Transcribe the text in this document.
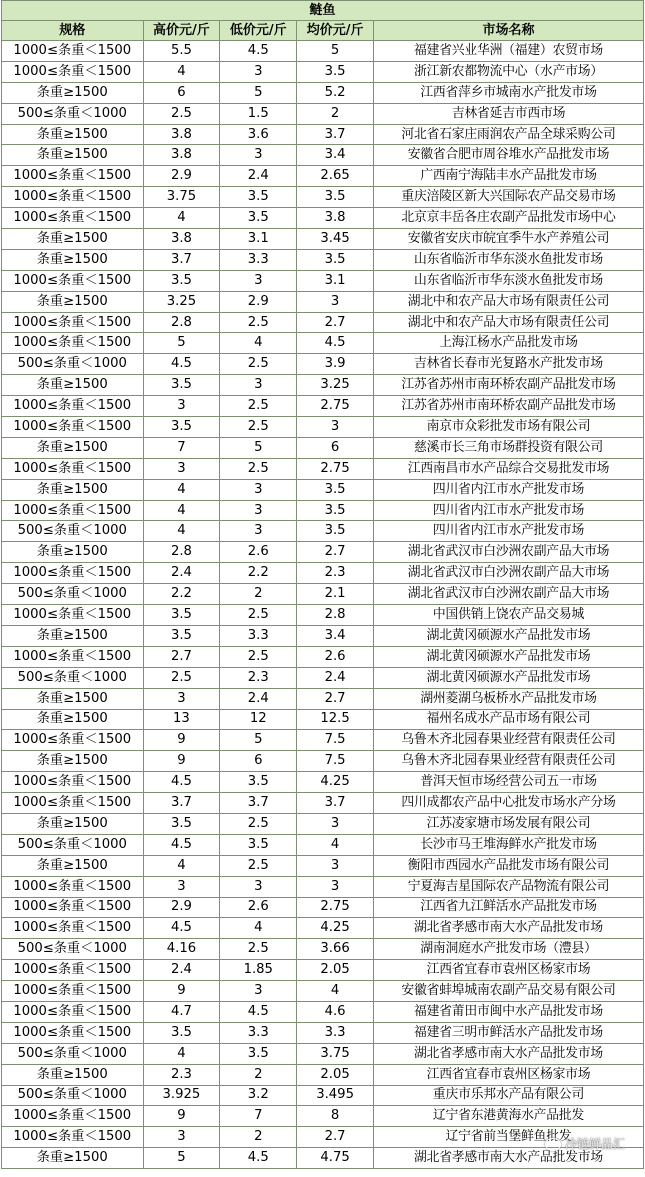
鲢鱼				
规格	高价元/斤	低价元/斤	均价元/斤	市场名称
1000≤条重＜1500	5.5	4.5	5	福建省兴业华洲（福建）农贸市场
1000≤条重＜1500	4	3	3.5	浙江新农都物流中心（水产市场）
条重≥1500	6	5	5.2	江西省萍乡市城南水产批发市场
500≤条重＜1000	2.5	1.5	2	吉林省延吉市西市场
条重≥1500	3.8	3.6	3.7	河北省石家庄雨润农产品全球采购公司
条重≥1500	3.8	3	3.4	安徽省合肥市周谷堆水产品批发市场
1000≤条重＜1500	2.9	2.4	2.65	广西南宁海陆丰水产品批发市场
1000≤条重＜1500	3.75	3.5	3.5	重庆涪陵区新大兴国际农产品交易市场
1000≤条重＜1500	4	3.5	3.8	北京京丰岳各庄农副产品批发市场中心
条重≥1500	3.8	3.1	3.45	安徽省安庆市皖宜季牛水产养殖公司
条重≥1500	3.7	3.3	3.5	山东省临沂市华东淡水鱼批发市场
1000≤条重＜1500	3.5	3	3.1	山东省临沂市华东淡水鱼批发市场
条重≥1500	3.25	2.9	3	湖北中和农产品大市场有限责任公司
1000≤条重＜1500	2.8	2.5	2.7	湖北中和农产品大市场有限责任公司
1000≤条重＜1500	5	4	4.5	上海江杨水产品批发市场
500≤条重＜1000	4.5	2.5	3.9	吉林省长春市光复路水产批发市场
条重≥1500	3.5	3	3.25	江苏省苏州市南环桥农副产品批发市场
1000≤条重＜1500	3	2.5	2.75	江苏省苏州市南环桥农副产品批发市场
1000≤条重＜1500	3.5	2.5	3	南京市众彩批发市场有限公司
条重≥1500	7	5	6	慈溪市长三角市场群投资有限公司
1000≤条重＜1500	3	2.5	2.75	江西南昌市水产品综合交易批发市场
条重≥1500	4	3	3.5	四川省内江市水产批发市场
1000≤条重＜1500	4	3	3.5	四川省内江市水产批发市场
500≤条重＜1000	4	3	3.5	四川省内江市水产批发市场
条重≥1500	2.8	2.6	2.7	湖北省武汉市白沙洲农副产品大市场
1000≤条重＜1500	2.4	2.2	2.3	湖北省武汉市白沙洲农副产品大市场
500≤条重＜1000	2.2	2	2.1	湖北省武汉市白沙洲农副产品大市场
1000≤条重＜1500	3.5	2.5	2.8	中国供销上饶农产品交易城
条重≥1500	3.5	3.3	3.4	湖北黄冈硕源水产品批发市场
1000≤条重＜1500	2.7	2.5	2.6	湖北黄冈硕源水产品批发市场
500≤条重＜1000	2.5	2.3	2.4	湖北黄冈硕源水产品批发市场
条重≥1500	3	2.4	2.7	湖州菱湖乌板桥水产品批发市场
条重≥1500	13	12	12.5	福州名成水产品市场有限公司
1000≤条重＜1500	9	5	7.5	乌鲁木齐北园春果业经营有限责任公司
条重≥1500	9	6	7.5	乌鲁木齐北园春果业经营有限责任公司
1000≤条重＜1500	4.5	3.5	4.25	普洱天恒市场经营公司五一市场
1000≤条重＜1500	3.7	3.7	3.7	四川成都农产品中心批发市场水产分场
条重≥1500	3.5	2.5	3	江苏凌家塘市场发展有限公司
500≤条重＜1000	4.5	3.5	4	长沙市马王堆海鲜水产批发市场
条重≥1500	4	2.5	3	衡阳市西园水产品批发市场有限公司
1000≤条重＜1500	3	3	3	宁夏海吉星国际农产品物流有限公司
1000≤条重＜1500	2.9	2.6	2.75	江西省九江鲜活水产品批发市场
1000≤条重＜1500	4.5	4	4.25	湖北省孝感市南大水产品批发市场
500≤条重＜1000	4.16	2.5	3.66	湖南洞庭水产批发市场（澧县）
1000≤条重＜1500	2.4	1.85	2.05	江西省宜春市袁州区杨家市场
1000≤条重＜1500	9	3	4	安徽省蚌埠城南农副产品交易有限公司
1000≤条重＜1500	4.7	4.5	4.6	福建省莆田市闽中水产品批发市场
1000≤条重＜1500	3.5	3.3	3.3	福建省三明市鲜活水产品批发市场
500≤条重＜1000	4	3.5	3.75	湖北省孝感市南大水产品批发市场
条重≥1500	2.3	2	2.05	江西省宜春市袁州区杨家市场
500≤条重＜1000	3.925	3.2	3.495	重庆市乐邦水产品有限公司
1000≤条重＜1500	9	7	8	辽宁省东港黄海水产品批发
1000≤条重＜1500	3	2	2.7	辽宁省前当堡鲜鱼批发
条重≥1500	5	4.5	4.75	湖北省孝感市南大水产品批发市场
冷链鲜品汇
